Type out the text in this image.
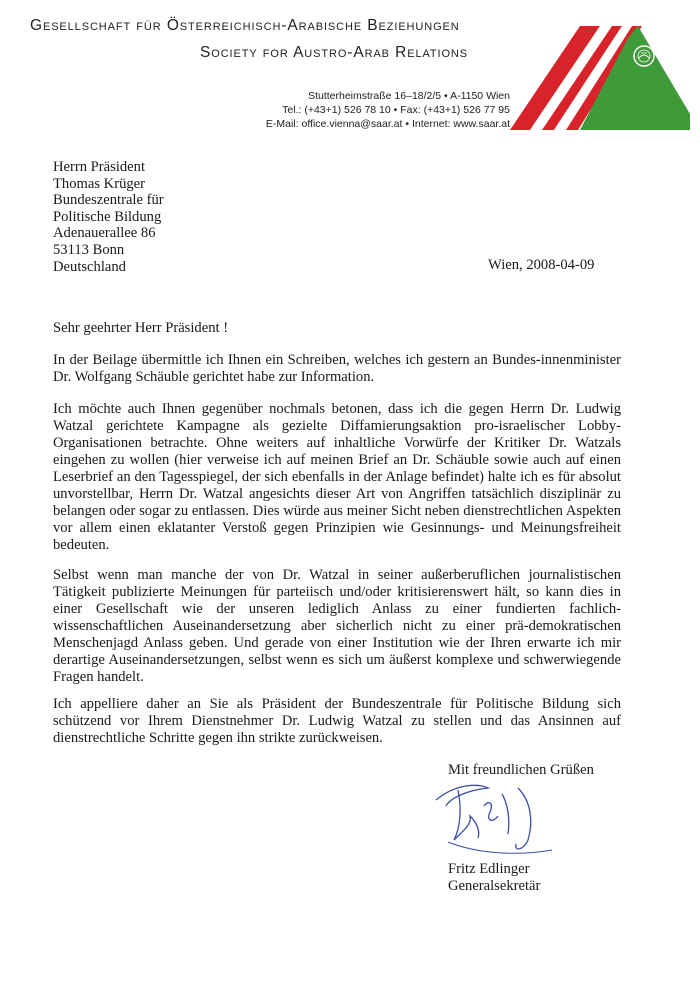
Gesellschaft für Österreichisch-Arabische Beziehungen
Society for Austro-Arab Relations
Stutterheimstraße 16–18/2/5 • A-1150 Wien
Tel.: (+43+1) 526 78 10 • Fax: (+43+1) 526 77 95
E-Mail: office.vienna@saar.at • Internet: www.saar.at
Herrn Präsident
Thomas Krüger
Bundeszentrale für
Politische Bildung
Adenauerallee 86
53113 Bonn
Deutschland	Wien, 2008-04-09
Sehr geehrter Herr Präsident !
In der Beilage übermittle ich Ihnen ein Schreiben, welches ich gestern an Bundes-innenminister Dr. Wolfgang Schäuble gerichtet habe zur Information.
Ich möchte auch Ihnen gegenüber nochmals betonen, dass ich die gegen Herrn Dr. Ludwig Watzal gerichtete Kampagne als gezielte Diffamierungsaktion pro-israelischer Lobby-Organisationen betrachte. Ohne weiters auf inhaltliche Vorwürfe der Kritiker Dr. Watzals eingehen zu wollen (hier verweise ich auf meinen Brief an Dr. Schäuble sowie auch auf einen Leserbrief an den Tagesspiegel, der sich ebenfalls in der Anlage befindet) halte ich es für absolut unvorstellbar, Herrn Dr. Watzal angesichts dieser Art von Angriffen tatsächlich disziplinär zu belangen oder sogar zu entlassen. Dies würde aus meiner Sicht neben dienstrechtlichen Aspekten vor allem einen eklatanter Verstoß gegen Prinzipien wie Gesinnungs- und Meinungsfreiheit bedeuten.
Selbst wenn man manche der von Dr. Watzal in seiner außerberuflichen journalistischen Tätigkeit publizierte Meinungen für parteiisch und/oder kritisierenswert hält, so kann dies in einer Gesellschaft wie der unseren lediglich Anlass zu einer fundierten fachlich-wissenschaftlichen Auseinandersetzung aber sicherlich nicht zu einer prä-demokratischen Menschenjagd Anlass geben. Und gerade von einer Institution wie der Ihren erwarte ich mir derartige Auseinandersetzungen, selbst wenn es sich um äußerst komplexe und schwerwiegende Fragen handelt.
Ich appelliere daher an Sie als Präsident der Bundeszentrale für Politische Bildung sich schützend vor Ihrem Dienstnehmer Dr. Ludwig Watzal zu stellen und das Ansinnen auf dienstrechtliche Schritte gegen ihn strikte zurückweisen.
Mit freundlichen Grüßen
Fritz Edlinger
Generalsekretär
